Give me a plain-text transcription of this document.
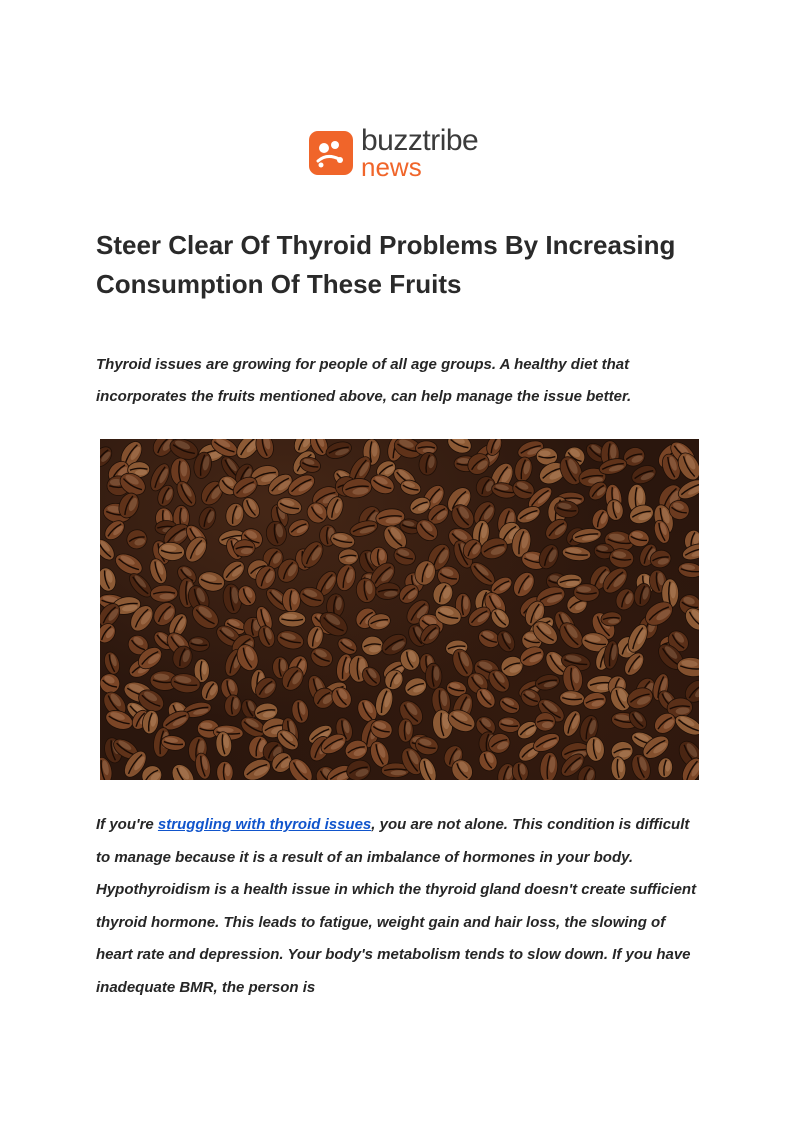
buzztribe
news
Steer Clear Of Thyroid Problems By Increasing Consumption Of These Fruits

Thyroid issues are growing for people of all age groups. A healthy diet that incorporates the fruits mentioned above, can help manage the issue better.

If you're struggling with thyroid issues, you are not alone. This condition is difficult to manage because it is a result of an imbalance of hormones in your body. Hypothyroidism is a health issue in which the thyroid gland doesn't create sufficient thyroid hormone. This leads to fatigue, weight gain and hair loss, the slowing of heart rate and depression. Your body's metabolism tends to slow down. If you have inadequate BMR, the person is
